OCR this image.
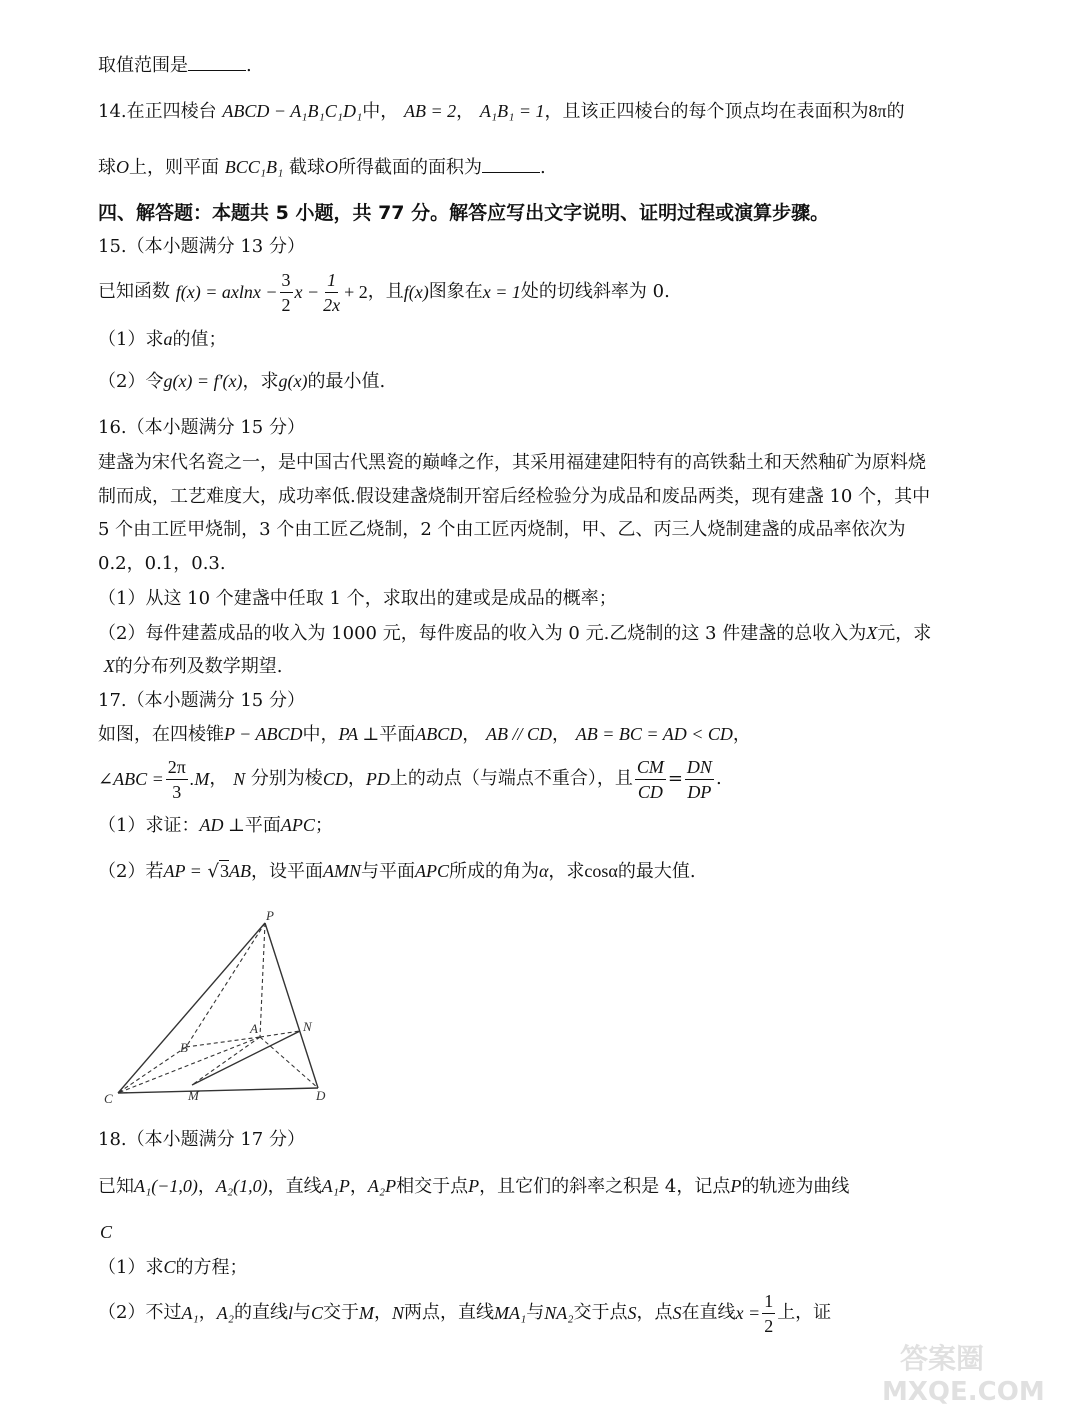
取值范围是	.
14.在正四棱台 ABCD − A₁B₁C₁D₁中， AB = 2， A₁B₁ = 1，且该正四棱台的每个顶点均在表面积为8π的
球O上，则平面 BCC₁B₁ 截球O所得截面的面积为	.
四、解答题：本题共 5 小题，共 77 分。解答应写出文字说明、证明过程或演算步骤。
15.（本小题满分 13 分）
已知函数
$f(x) = axlnx - \frac{3}{2}$ $x - \frac{1}{2x} + 2$ ，且 f(x) 图象在 x = 1 处的切线斜率为 0.
（1）求a的值；
（2）令g(x) = f′(x)，求g(x)的最小值.
16.（本小题满分 15 分）
建盏为宋代名瓷之一，是中国古代黑瓷的巅峰之作，其采用福建建阳特有的高铁黏土和天然釉矿为原料烧
制而成，工艺难度大，成功率低.假设建盏烧制开窑后经检验分为成品和废品两类，现有建盏 10 个，其中
5 个由工匠甲烧制，3 个由工匠乙烧制，2 个由工匠丙烧制，甲、乙、丙三人烧制建盏的成品率依次为
0.2，0.1，0.3.
（1）从这 10 个建盏中任取 1 个，求取出的建或是成品的概率；
（2）每件建蓋成品的收入为 1000 元，每件废品的收入为 0 元.乙烧制的这 3 件建盏的总收入为X元，求
X的分布列及数学期望.
17.（本小题满分 15 分）
如图，在四棱锥P − ABCD中，PA ⊥平面ABCD， AB // CD， AB = BC = AD < CD，
∠ABC = $\frac{2\pi}{3} .M$ ，
N
分别为棱 CD ， PD 上的动点（与端点不重合），且 $\frac{CM}{CD} = \frac{DN}{DP}$ .
（1）求证：AD ⊥平面APC；
（2）若AP = √3AB，设平面AMN与平面APC所成的角为α，求cosα的最大值.
P
A
B
N
C	M	D
18.（本小题满分 17 分）
已知A₁(−1,0)，A₂(1,0)，直线A₁P，A₂P相交于点P，且它们的斜率之积是 4，记点P的轨迹为曲线
C
（1）求C的方程；
（2）不过 A₁ ， A₂ 的直线 l 与 C 交于 M ， N 两点，直线 MA₁ 与 NA₂ 交于点 S ，点 S 在直线 $x = \frac{1}{2}$ 上，证
答案圈
MXQE.COM
